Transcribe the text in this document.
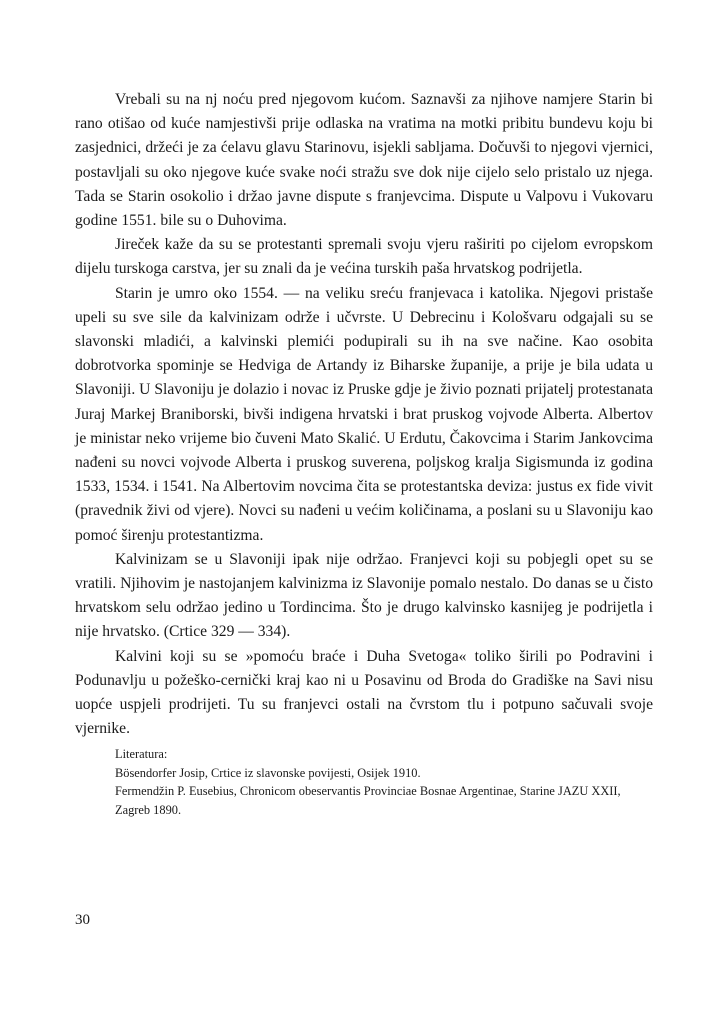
Vrebali su na nj noću pred njegovom kućom. Saznavši za njihove namjere Starin bi rano otišao od kuće namjestivši prije odlaska na vratima na motki pribitu bundevu koju bi zasjednici, držeći je za ćelavu glavu Starinovu, isjekli sabljama. Dočuvši to njegovi vjernici, postavljali su oko njegove kuće svake noći stražu sve dok nije cijelo selo pristalo uz njega. Tada se Starin osokolio i držao javne dispute s franjevcima. Dispute u Valpovu i Vukovaru godine 1551. bile su o Duhovima.

Jireček kaže da su se protestanti spremali svoju vjeru raširiti po cijelom evropskom dijelu turskoga carstva, jer su znali da je većina turskih paša hrvatskog podrijetla.

Starin je umro oko 1554. — na veliku sreću franjevaca i katolika. Njegovi pristaše upeli su sve sile da kalvinizam održe i učvrste. U Debrecinu i Kološvaru odgajali su se slavonski mladići, a kalvinski plemići podupirali su ih na sve načine. Kao osobita dobrotvorka spominje se Hedviga de Artandy iz Biharske županije, a prije je bila udata u Slavoniji. U Slavoniju je dolazio i novac iz Pruske gdje je živio poznati prijatelj protestanata Juraj Markej Braniborski, bivši indigena hrvatski i brat pruskog vojvode Alberta. Albertov je ministar neko vrijeme bio čuveni Mato Skalić. U Erdutu, Čakovcima i Starim Jankovcima nađeni su novci vojvode Alberta i pruskog suverena, poljskog kralja Sigismunda iz godina 1533, 1534. i 1541. Na Albertovim novcima čita se protestantska deviza: justus ex fide vivit (pravednik živi od vjere). Novci su nađeni u većim količinama, a poslani su u Slavoniju kao pomoć širenju protestantizma.

Kalvinizam se u Slavoniji ipak nije održao. Franjevci koji su pobjegli opet su se vratili. Njihovim je nastojanjem kalvinizma iz Slavonije pomalo nestalo. Do danas se u čisto hrvatskom selu održao jedino u Tordincima. Što je drugo kalvinsko kasnijeg je podrijetla i nije hrvatsko. (Crtice 329 — 334).

Kalvini koji su se »pomoću braće i Duha Svetoga« toliko širili po Podravini i Podunavlju u požeško-cernički kraj kao ni u Posavinu od Broda do Gradiške na Savi nisu uopće uspjeli prodrijeti. Tu su franjevci ostali na čvrstom tlu i potpuno sačuvali svoje vjernike.

Literatura:

Bösendorfer Josip, Crtice iz slavonske povijesti, Osijek 1910.

Fermendžin P. Eusebius, Chronicom obeservantis Provinciae Bosnae Argentinae, Starine JAZU XXII, Zagreb 1890.

30
